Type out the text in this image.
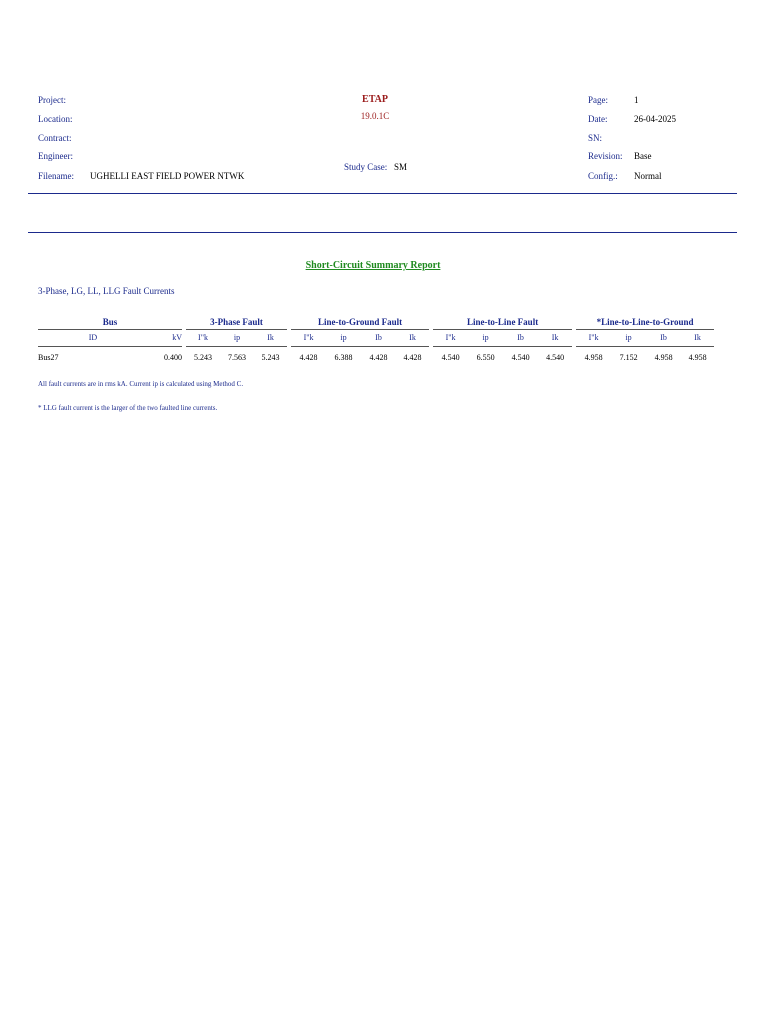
Project:
Location:
Contract:
Engineer:
Filename: UGHELLI EAST FIELD POWER NTWK
ETAP
19.0.1C
Study Case: SM
Page:	1
Date:	26-04-2025
SN:
Revision: Base
Config.: Normal
Short-Circuit Summary Report
3-Phase, LG, LL, LLG Fault Currents
Bus			3-Phase Fault				Line-to-Ground Fault					Line-to-Line Fault					*Line-to-Line-to-Ground			
ID	kV		I"k	ip	Ik		I"k	ip	Ib	Ik		I"k	ip	Ib	Ik		I"k	ip	Ib	Ik
Bus27	0.400		5.243	7.563	5.243		4.428	6.388	4.428	4.428		4.540	6.550	4.540	4.540		4.958	7.152	4.958	4.958
All fault currents are in rms kA. Current ip is calculated using Method C.
* LLG fault current is the larger of the two faulted line currents.
